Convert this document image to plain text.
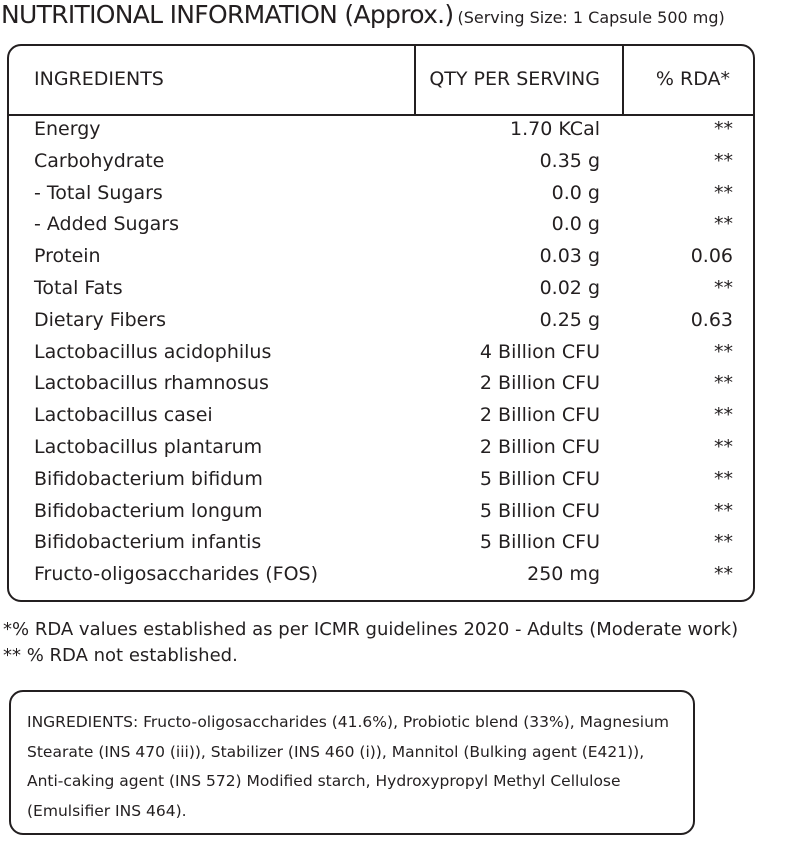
NUTRITIONAL INFORMATION (Approx.) (Serving Size: 1 Capsule 500 mg)
INGREDIENTS	QTY PER SERVING	% RDA*
Energy	1.70 KCal	**
Carbohydrate	0.35 g	**
- Total Sugars	0.0 g	**
- Added Sugars	0.0 g	**
Protein	0.03 g	0.06
Total Fats	0.02 g	**
Dietary Fibers	0.25 g	0.63
Lactobacillus acidophilus	4 Billion CFU	**
Lactobacillus rhamnosus	2 Billion CFU	**
Lactobacillus casei	2 Billion CFU	**
Lactobacillus plantarum	2 Billion CFU	**
Bifidobacterium bifidum	5 Billion CFU	**
Bifidobacterium longum	5 Billion CFU	**
Bifidobacterium infantis	5 Billion CFU	**
Fructo-oligosaccharides (FOS)	250 mg	**
*% RDA values established as per ICMR guidelines 2020 - Adults (Moderate work)
** % RDA not established.
INGREDIENTS: Fructo-oligosaccharides (41.6%), Probiotic blend (33%), Magnesium Stearate (INS 470 (iii)), Stabilizer (INS 460 (i)), Mannitol (Bulking agent (E421)), Anti-caking agent (INS 572) Modified starch, Hydroxypropyl Methyl Cellulose (Emulsifier INS 464).
